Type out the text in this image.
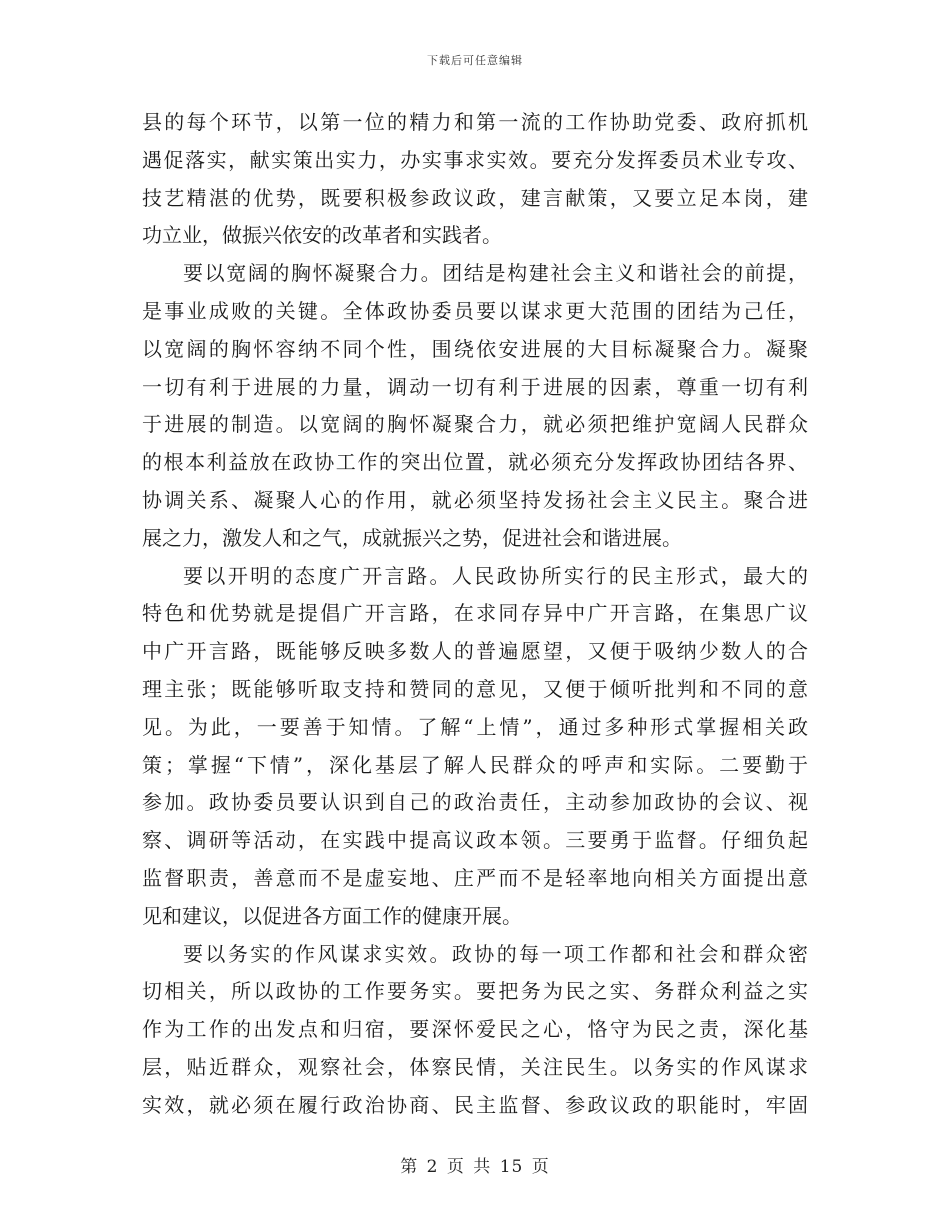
下载后可任意编辑
县的每个环节，以第一位的精力和第一流的工作协助党委、政府抓机
遇促落实，献实策出实力，办实事求实效。要充分发挥委员术业专攻、
技艺精湛的优势，既要积极参政议政，建言献策，又要立足本岗，建
功立业，做振兴依安的改革者和实践者。
要以宽阔的胸怀凝聚合力。团结是构建社会主义和谐社会的前提，
是事业成败的关键。全体政协委员要以谋求更大范围的团结为己任，
以宽阔的胸怀容纳不同个性，围绕依安进展的大目标凝聚合力。凝聚
一切有利于进展的力量，调动一切有利于进展的因素，尊重一切有利
于进展的制造。以宽阔的胸怀凝聚合力，就必须把维护宽阔人民群众
的根本利益放在政协工作的突出位置，就必须充分发挥政协团结各界、
协调关系、凝聚人心的作用，就必须坚持发扬社会主义民主。聚合进
展之力，激发人和之气，成就振兴之势，促进社会和谐进展。
要以开明的态度广开言路。人民政协所实行的民主形式，最大的
特色和优势就是提倡广开言路，在求同存异中广开言路，在集思广议
中广开言路，既能够反映多数人的普遍愿望，又便于吸纳少数人的合
理主张；既能够听取支持和赞同的意见，又便于倾听批判和不同的意
见。为此，一要善于知情。了解“上情”，通过多种形式掌握相关政
策；掌握“下情”，深化基层了解人民群众的呼声和实际。二要勤于
参加。政协委员要认识到自己的政治责任，主动参加政协的会议、视
察、调研等活动，在实践中提高议政本领。三要勇于监督。仔细负起
监督职责，善意而不是虚妄地、庄严而不是轻率地向相关方面提出意
见和建议，以促进各方面工作的健康开展。
要以务实的作风谋求实效。政协的每一项工作都和社会和群众密
切相关，所以政协的工作要务实。要把务为民之实、务群众利益之实
作为工作的出发点和归宿，要深怀爱民之心，恪守为民之责，深化基
层，贴近群众，观察社会，体察民情，关注民生。以务实的作风谋求
实效，就必须在履行政治协商、民主监督、参政议政的职能时，牢固
第 2 页 共 15 页
